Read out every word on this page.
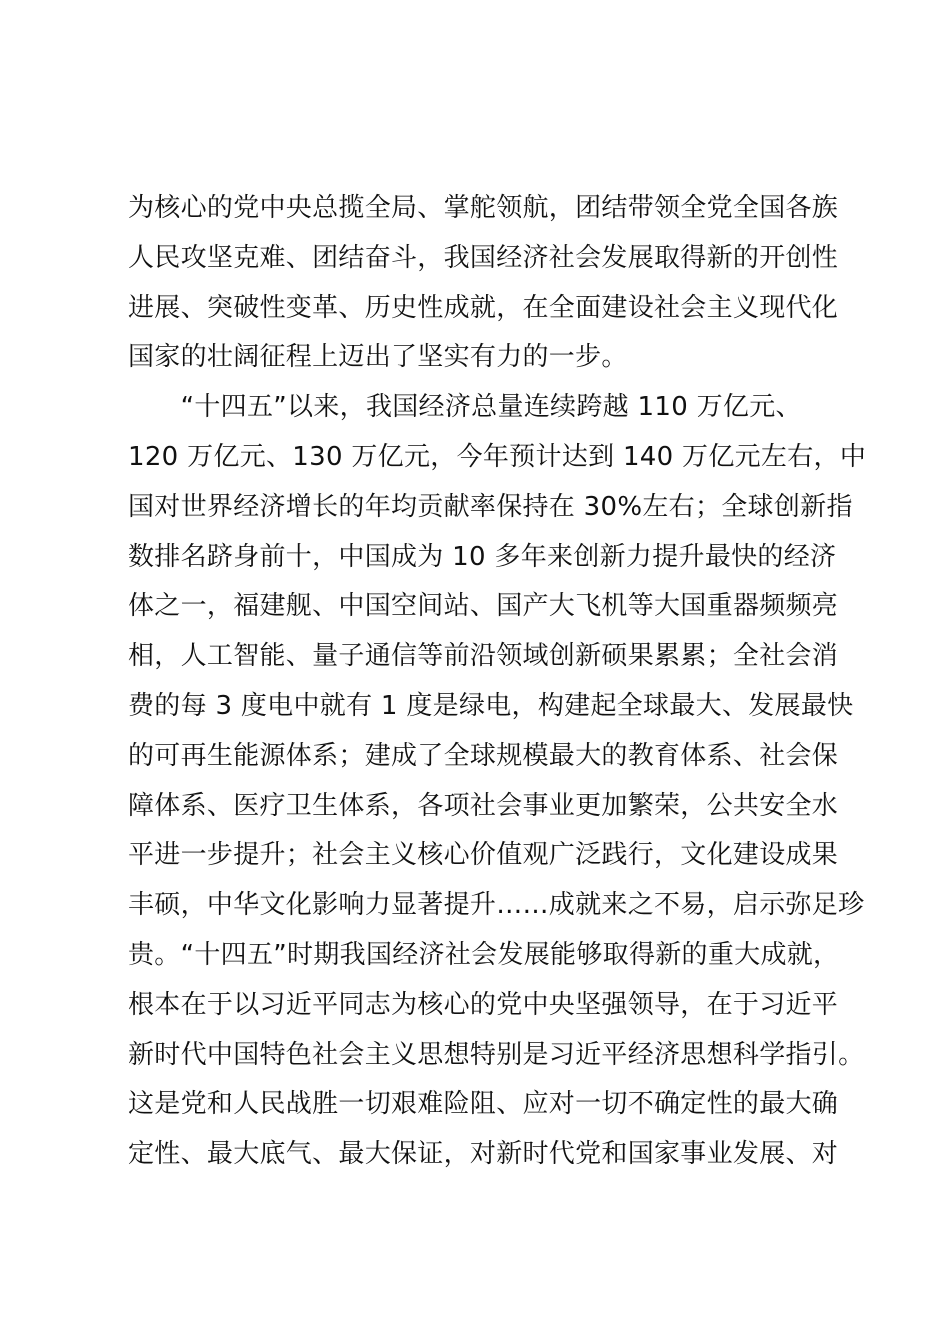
为核心的党中央总揽全局、掌舵领航，团结带领全党全国各族
人民攻坚克难、团结奋斗，我国经济社会发展取得新的开创性
进展、突破性变革、历史性成就，在全面建设社会主义现代化
国家的壮阔征程上迈出了坚实有力的一步。
　　“十四五”以来，我国经济总量连续跨越 110 万亿元、
120 万亿元、130 万亿元，今年预计达到 140 万亿元左右，中
国对世界经济增长的年均贡献率保持在 30%左右；全球创新指
数排名跻身前十，中国成为 10 多年来创新力提升最快的经济
体之一，福建舰、中国空间站、国产大飞机等大国重器频频亮
相，人工智能、量子通信等前沿领域创新硕果累累；全社会消
费的每 3 度电中就有 1 度是绿电，构建起全球最大、发展最快
的可再生能源体系；建成了全球规模最大的教育体系、社会保
障体系、医疗卫生体系，各项社会事业更加繁荣，公共安全水
平进一步提升；社会主义核心价值观广泛践行，文化建设成果
丰硕，中华文化影响力显著提升……成就来之不易，启示弥足珍
贵。“十四五”时期我国经济社会发展能够取得新的重大成就，
根本在于以习近平同志为核心的党中央坚强领导，在于习近平
新时代中国特色社会主义思想特别是习近平经济思想科学指引。
这是党和人民战胜一切艰难险阻、应对一切不确定性的最大确
定性、最大底气、最大保证，对新时代党和国家事业发展、对
